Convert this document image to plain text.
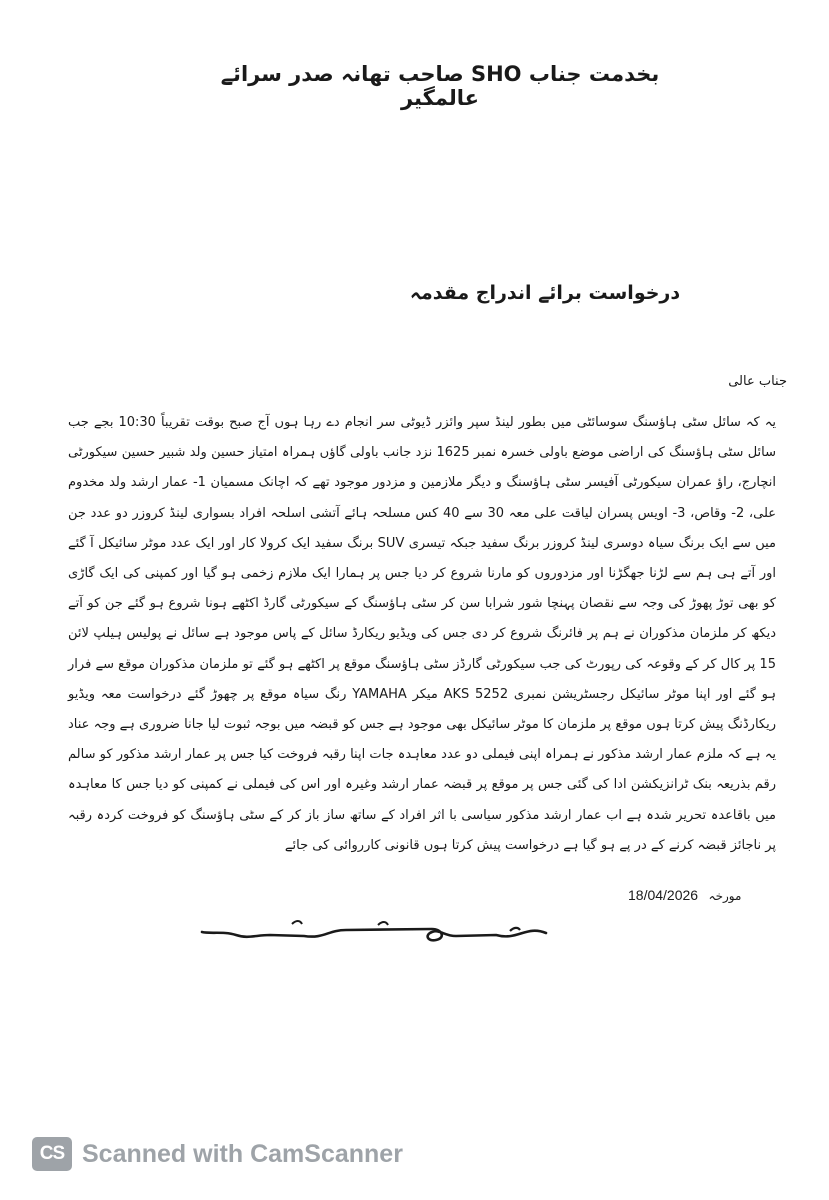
بخدمت جناب SHO صاحب تھانہ صدر سرائے عالمگیر
درخواست برائے اندراج مقدمہ
جناب عالی
یہ کہ سائل سٹی ہاؤسنگ سوسائٹی میں بطور لینڈ سپر وائزر ڈیوٹی سر انجام دے رہا ہوں آج صبح بوقت تقریباً 10:30 بجے جب سائل سٹی ہاؤسنگ کی اراضی موضع باولی خسرہ نمبر 1625 نزد جانب باولی گاؤں ہمراہ امتیاز حسین ولد شبیر حسین سیکورٹی انچارج، راؤ عمران سیکورٹی آفیسر سٹی ہاؤسنگ و دیگر ملازمین و مزدور موجود تھے کہ اچانک مسمیان 1- عمار ارشد ولد مخدوم علی، 2- وقاص، 3- اویس پسران لیاقت علی معہ 30 سے 40 کس مسلحہ ہائے آتشی اسلحہ افراد بسواری لینڈ کروزر دو عدد جن میں سے ایک برنگ سیاہ دوسری لینڈ کروزر برنگ سفید جبکہ تیسری SUV برنگ سفید ایک کرولا کار اور ایک عدد موٹر سائیکل آ گئے اور آتے ہی ہم سے لڑنا جھگڑنا اور مزدوروں کو مارنا شروع کر دیا جس پر ہمارا ایک ملازم زخمی ہو گیا اور کمپنی کی ایک گاڑی کو بھی توڑ پھوڑ کی وجہ سے نقصان پہنچا شور شرابا سن کر سٹی ہاؤسنگ کے سیکورٹی گارڈ اکٹھے ہونا شروع ہو گئے جن کو آتے دیکھ کر ملزمان مذکوران نے ہم پر فائرنگ شروع کر دی جس کی ویڈیو ریکارڈ سائل کے پاس موجود ہے سائل نے پولیس ہیلپ لائن 15 پر کال کر کے وقوعہ کی رپورٹ کی جب سیکورٹی گارڈز سٹی ہاؤسنگ موقع پر اکٹھے ہو گئے تو ملزمان مذکوران موقع سے فرار ہو گئے اور اپنا موٹر سائیکل رجسٹریشن نمبری AKS 5252 میکر YAMAHA رنگ سیاہ موقع پر چھوڑ گئے درخواست معہ ویڈیو ریکارڈنگ پیش کرتا ہوں موقع پر ملزمان کا موٹر سائیکل بھی موجود ہے جس کو قبضہ میں بوجہ ثبوت لیا جانا ضروری ہے وجہ عناد یہ ہے کہ ملزم عمار ارشد مذکور نے ہمراہ اپنی فیملی دو عدد معاہدہ جات اپنا رقبہ فروخت کیا جس پر عمار ارشد مذکور کو سالم رقم بذریعہ بنک ٹرانزیکشن ادا کی گئی جس پر موقع پر قبضہ عمار ارشد وغیرہ اور اس کی فیملی نے کمپنی کو دیا جس کا معاہدہ میں باقاعدہ تحریر شدہ ہے اب عمار ارشد مذکور سیاسی با اثر افراد کے ساتھ ساز باز کر کے سٹی ہاؤسنگ کو فروخت کردہ رقبہ پر ناجائز قبضہ کرنے کے در پے ہو گیا ہے درخواست پیش کرتا ہوں قانونی کارروائی کی جائے
مورخہ 18/04/2026
CS Scanned with CamScanner
